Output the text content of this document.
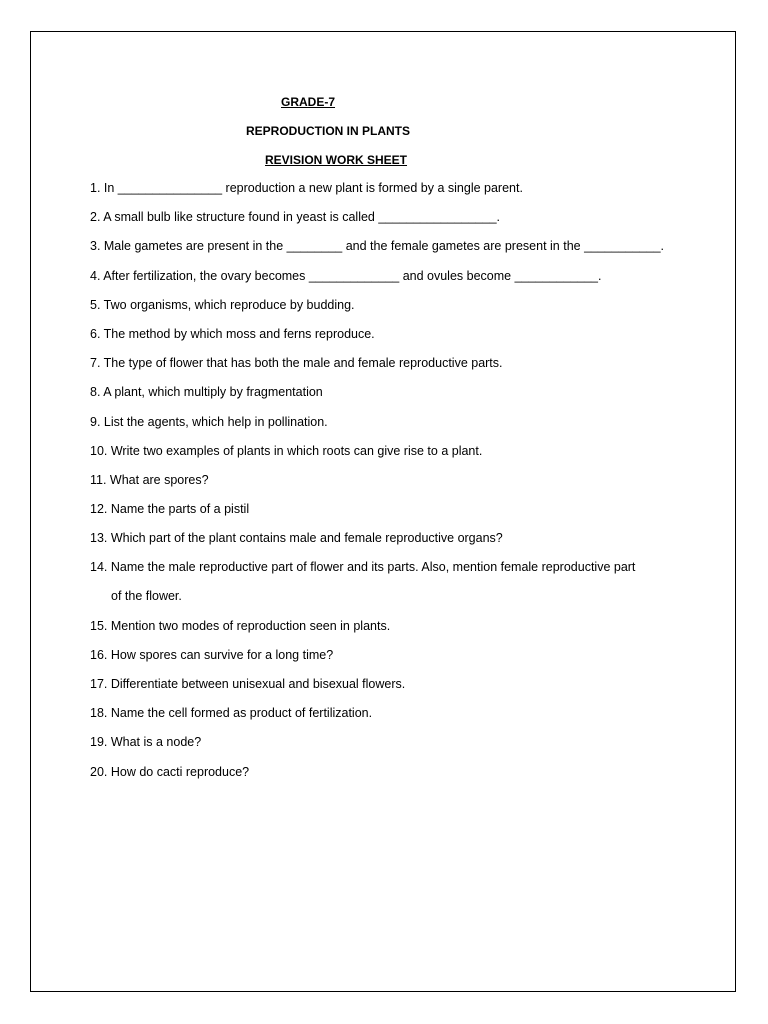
GRADE-7
REPRODUCTION IN PLANTS
REVISION WORK SHEET
1. In _______________ reproduction a new plant is formed by a single parent.
2. A small bulb like structure found in yeast is called _________________.
3. Male gametes are present in the ________ and the female gametes are present in the ___________.
4. After fertilization, the ovary becomes _____________ and ovules become ____________.
5. Two organisms, which reproduce by budding.
6. The method by which moss and ferns reproduce.
7. The type of flower that has both the male and female reproductive parts.
8. A plant, which multiply by fragmentation
9. List the agents, which help in pollination.
10. Write two examples of plants in which roots can give rise to a plant.
11. What are spores?
12. Name the parts of a pistil
13. Which part of the plant contains male and female reproductive organs?
14. Name the male reproductive part of flower and its parts. Also, mention female reproductive part
of the flower.
15. Mention two modes of reproduction seen in plants.
16. How spores can survive for a long time?
17. Differentiate between unisexual and bisexual flowers.
18. Name the cell formed as product of fertilization.
19. What is a node?
20. How do cacti reproduce?
